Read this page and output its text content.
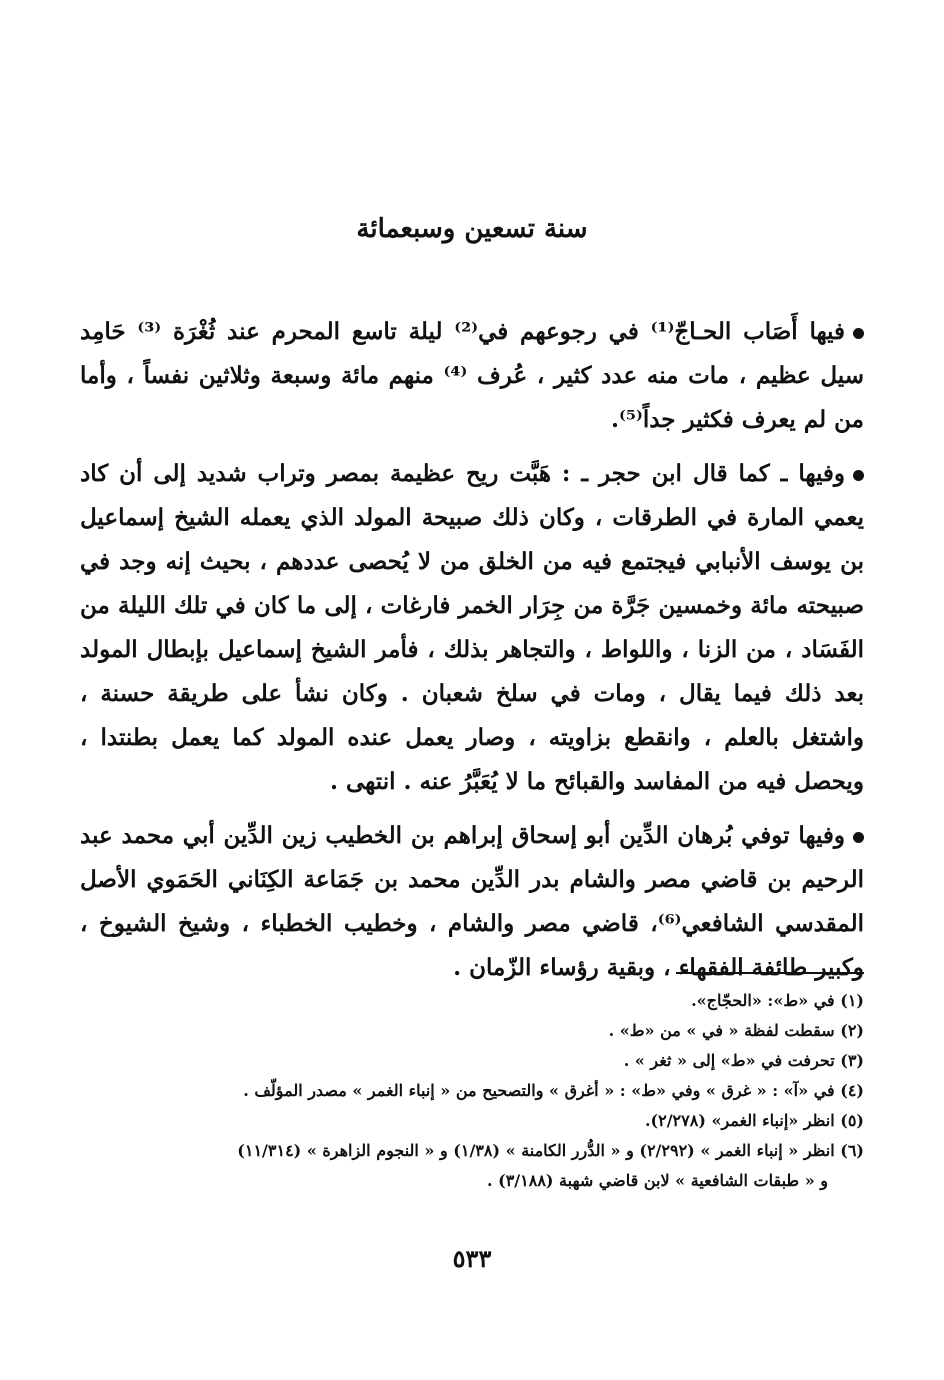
سنة تسعين وسبعمائة

فيها أَصَاب الحـاجّ⁽¹⁾ في رجوعهم في⁽²⁾ ليلة تاسع المحرم عند ثُغْرَة ⁽³⁾ حَامِد سيل عظيم ، مات منه عدد كثير ، عُرف ⁽⁴⁾ منهم مائة وسبعة وثلاثين نفساً ، وأما من لم يعرف فكثير جداً⁽⁵⁾.

وفيها ـ كما قال ابن حجر ـ : هَبَّت ريح عظيمة بمصر وتراب شديد إلى أن كاد يعمي المارة في الطرقات ، وكان ذلك صبيحة المولد الذي يعمله الشيخ إسماعيل بن يوسف الأنبابي فيجتمع فيه من الخلق من لا يُحصى عددهم ، بحيث إنه وجد في صبيحته مائة وخمسين جَرَّة من جِرَار الخمر فارغات ، إلى ما كان في تلك الليلة من الفَسَاد ، من الزنا ، واللواط ، والتجاهر بذلك ، فأمر الشيخ إسماعيل بإبطال المولد بعد ذلك فيما يقال ، ومات في سلخ شعبان . وكان نشأ على طريقة حسنة ، واشتغل بالعلم ، وانقطع بزاويته ، وصار يعمل عنده المولد كما يعمل بطنتدا ، ويحصل فيه من المفاسد والقبائح ما لا يُعَبَّرُ عنه . انتهى .

وفيها توفي بُرهان الدِّين أبو إسحاق إبراهم بن الخطيب زين الدِّين أبي محمد عبد الرحيم بن قاضي مصر والشام بدر الدِّين محمد بن جَمَاعة الكِنَاني الحَمَوي الأصل المقدسي الشافعي⁽⁶⁾، قاضي مصر والشام ، وخطيب الخطباء ، وشيخ الشيوخ ، وكبير طائفة الفقهاء ، وبقية رؤساء الزّمان .

(١) في «ط»: «الحجّاج».

(٢) سقطت لفظة « في » من «ط» .

(٣) تحرفت في «ط» إلى « ثغر » .

(٤) في «آ» : « غرق » وفي «ط» : « أغرق » والتصحيح من « إنباء الغمر » مصدر المؤلّف .

(٥) انظر «إنباء الغمر» (٢/٢٧٨).

(٦) انظر « إنباء الغمر » (٢/٢٩٢) و « الدُّرر الكامنة » (١/٣٨) و « النجوم الزاهرة » (١١/٣١٤)

و « طبقات الشافعية » لابن قاضي شهبة (٣/١٨٨) .

٥٣٣
